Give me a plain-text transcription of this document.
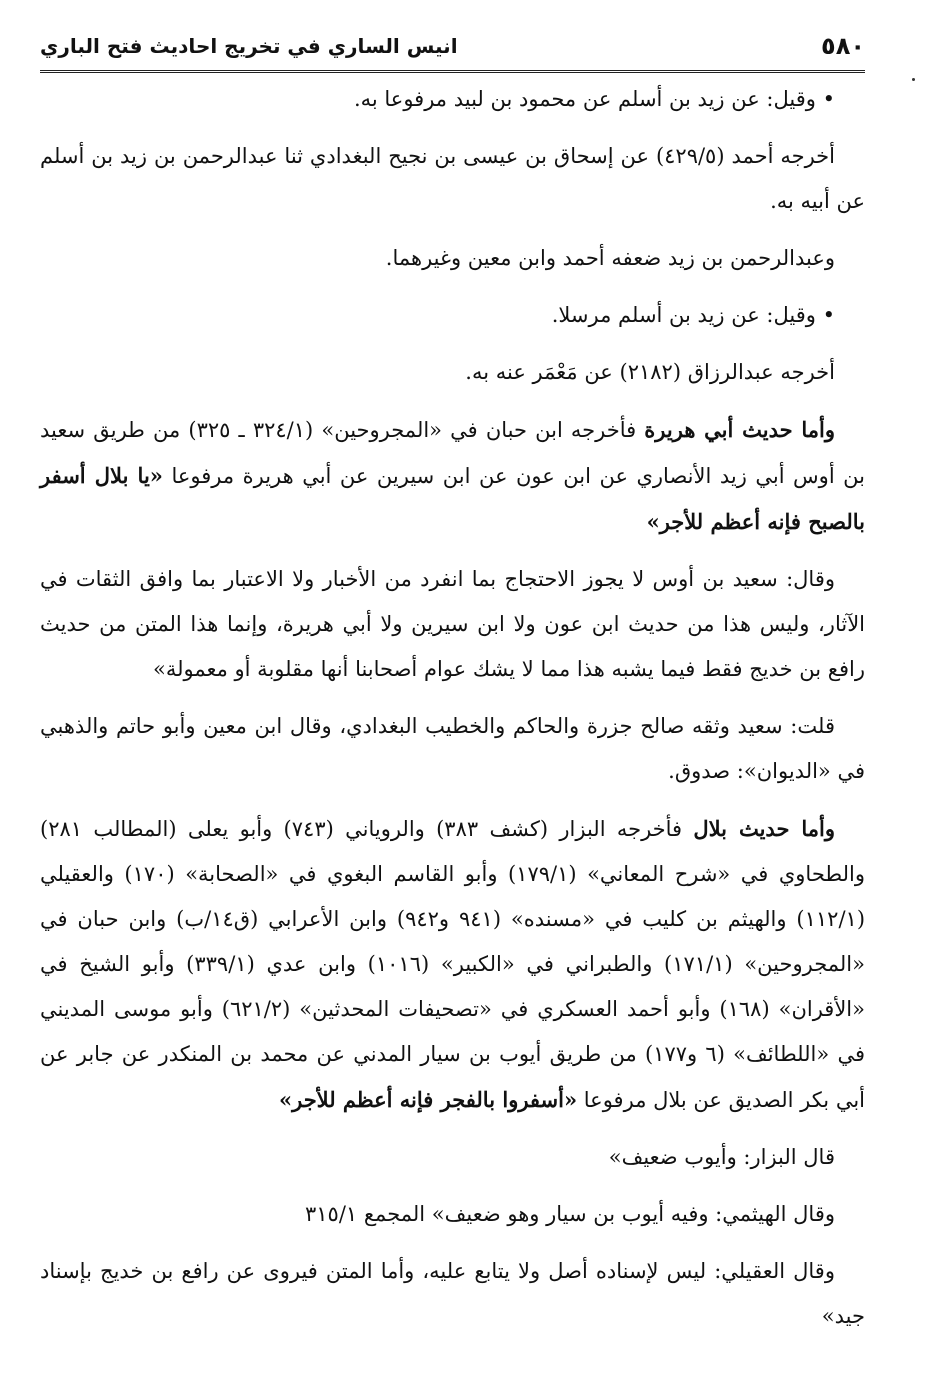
٥٨٠
انيس الساري في تخريج احاديث فتح الباري

• وقيل: عن زيد بن أسلم عن محمود بن لبيد مرفوعا به.

أخرجه أحمد (٤٢٩/٥) عن إسحاق بن عيسى بن نجيح البغدادي ثنا عبدالرحمن بن زيد بن أسلم عن أبيه به.

وعبدالرحمن بن زيد ضعفه أحمد وابن معين وغيرهما.

• وقيل: عن زيد بن أسلم مرسلا.

أخرجه عبدالرزاق (٢١٨٢) عن مَعْمَر عنه به.

وأما حديث أبي هريرة فأخرجه ابن حبان في «المجروحين» (٣٢٤/١ ـ ٣٢٥) من طريق سعيد بن أوس أبي زيد الأنصاري عن ابن عون عن ابن سيرين عن أبي هريرة مرفوعا «يا بلال أسفر بالصبح فإنه أعظم للأجر»

وقال: سعيد بن أوس لا يجوز الاحتجاج بما انفرد من الأخبار ولا الاعتبار بما وافق الثقات في الآثار، وليس هذا من حديث ابن عون ولا ابن سيرين ولا أبي هريرة، وإنما هذا المتن من حديث رافع بن خديج فقط فيما يشبه هذا مما لا يشك عوام أصحابنا أنها مقلوبة أو معمولة»

قلت: سعيد وثقه صالح جزرة والحاكم والخطيب البغدادي، وقال ابن معين وأبو حاتم والذهبي في «الديوان»: صدوق.

وأما حديث بلال فأخرجه البزار (كشف ٣٨٣) والروياني (٧٤٣) وأبو يعلى (المطالب ٢٨١) والطحاوي في «شرح المعاني» (١٧٩/١) وأبو القاسم البغوي في «الصحابة» (١٧٠) والعقيلي (١١٢/١) والهيثم بن كليب في «مسنده» (٩٤١ و٩٤٢) وابن الأعرابي (ق١٤/ب) وابن حبان في «المجروحين» (١٧١/١) والطبراني في «الكبير» (١٠١٦) وابن عدي (٣٣٩/١) وأبو الشيخ في «الأقران» (١٦٨) وأبو أحمد العسكري في «تصحيفات المحدثين» (٦٢١/٢) وأبو موسى المديني في «اللطائف» (٦ و١٧٧) من طريق أيوب بن سيار المدني عن محمد بن المنكدر عن جابر عن أبي بكر الصديق عن بلال مرفوعا «أسفروا بالفجر فإنه أعظم للأجر»

قال البزار: وأيوب ضعيف»

وقال الهيثمي: وفيه أيوب بن سيار وهو ضعيف» المجمع ٣١٥/١

وقال العقيلي: ليس لإسناده أصل ولا يتابع عليه، وأما المتن فيروى عن رافع بن خديج بإسناد جيد»
